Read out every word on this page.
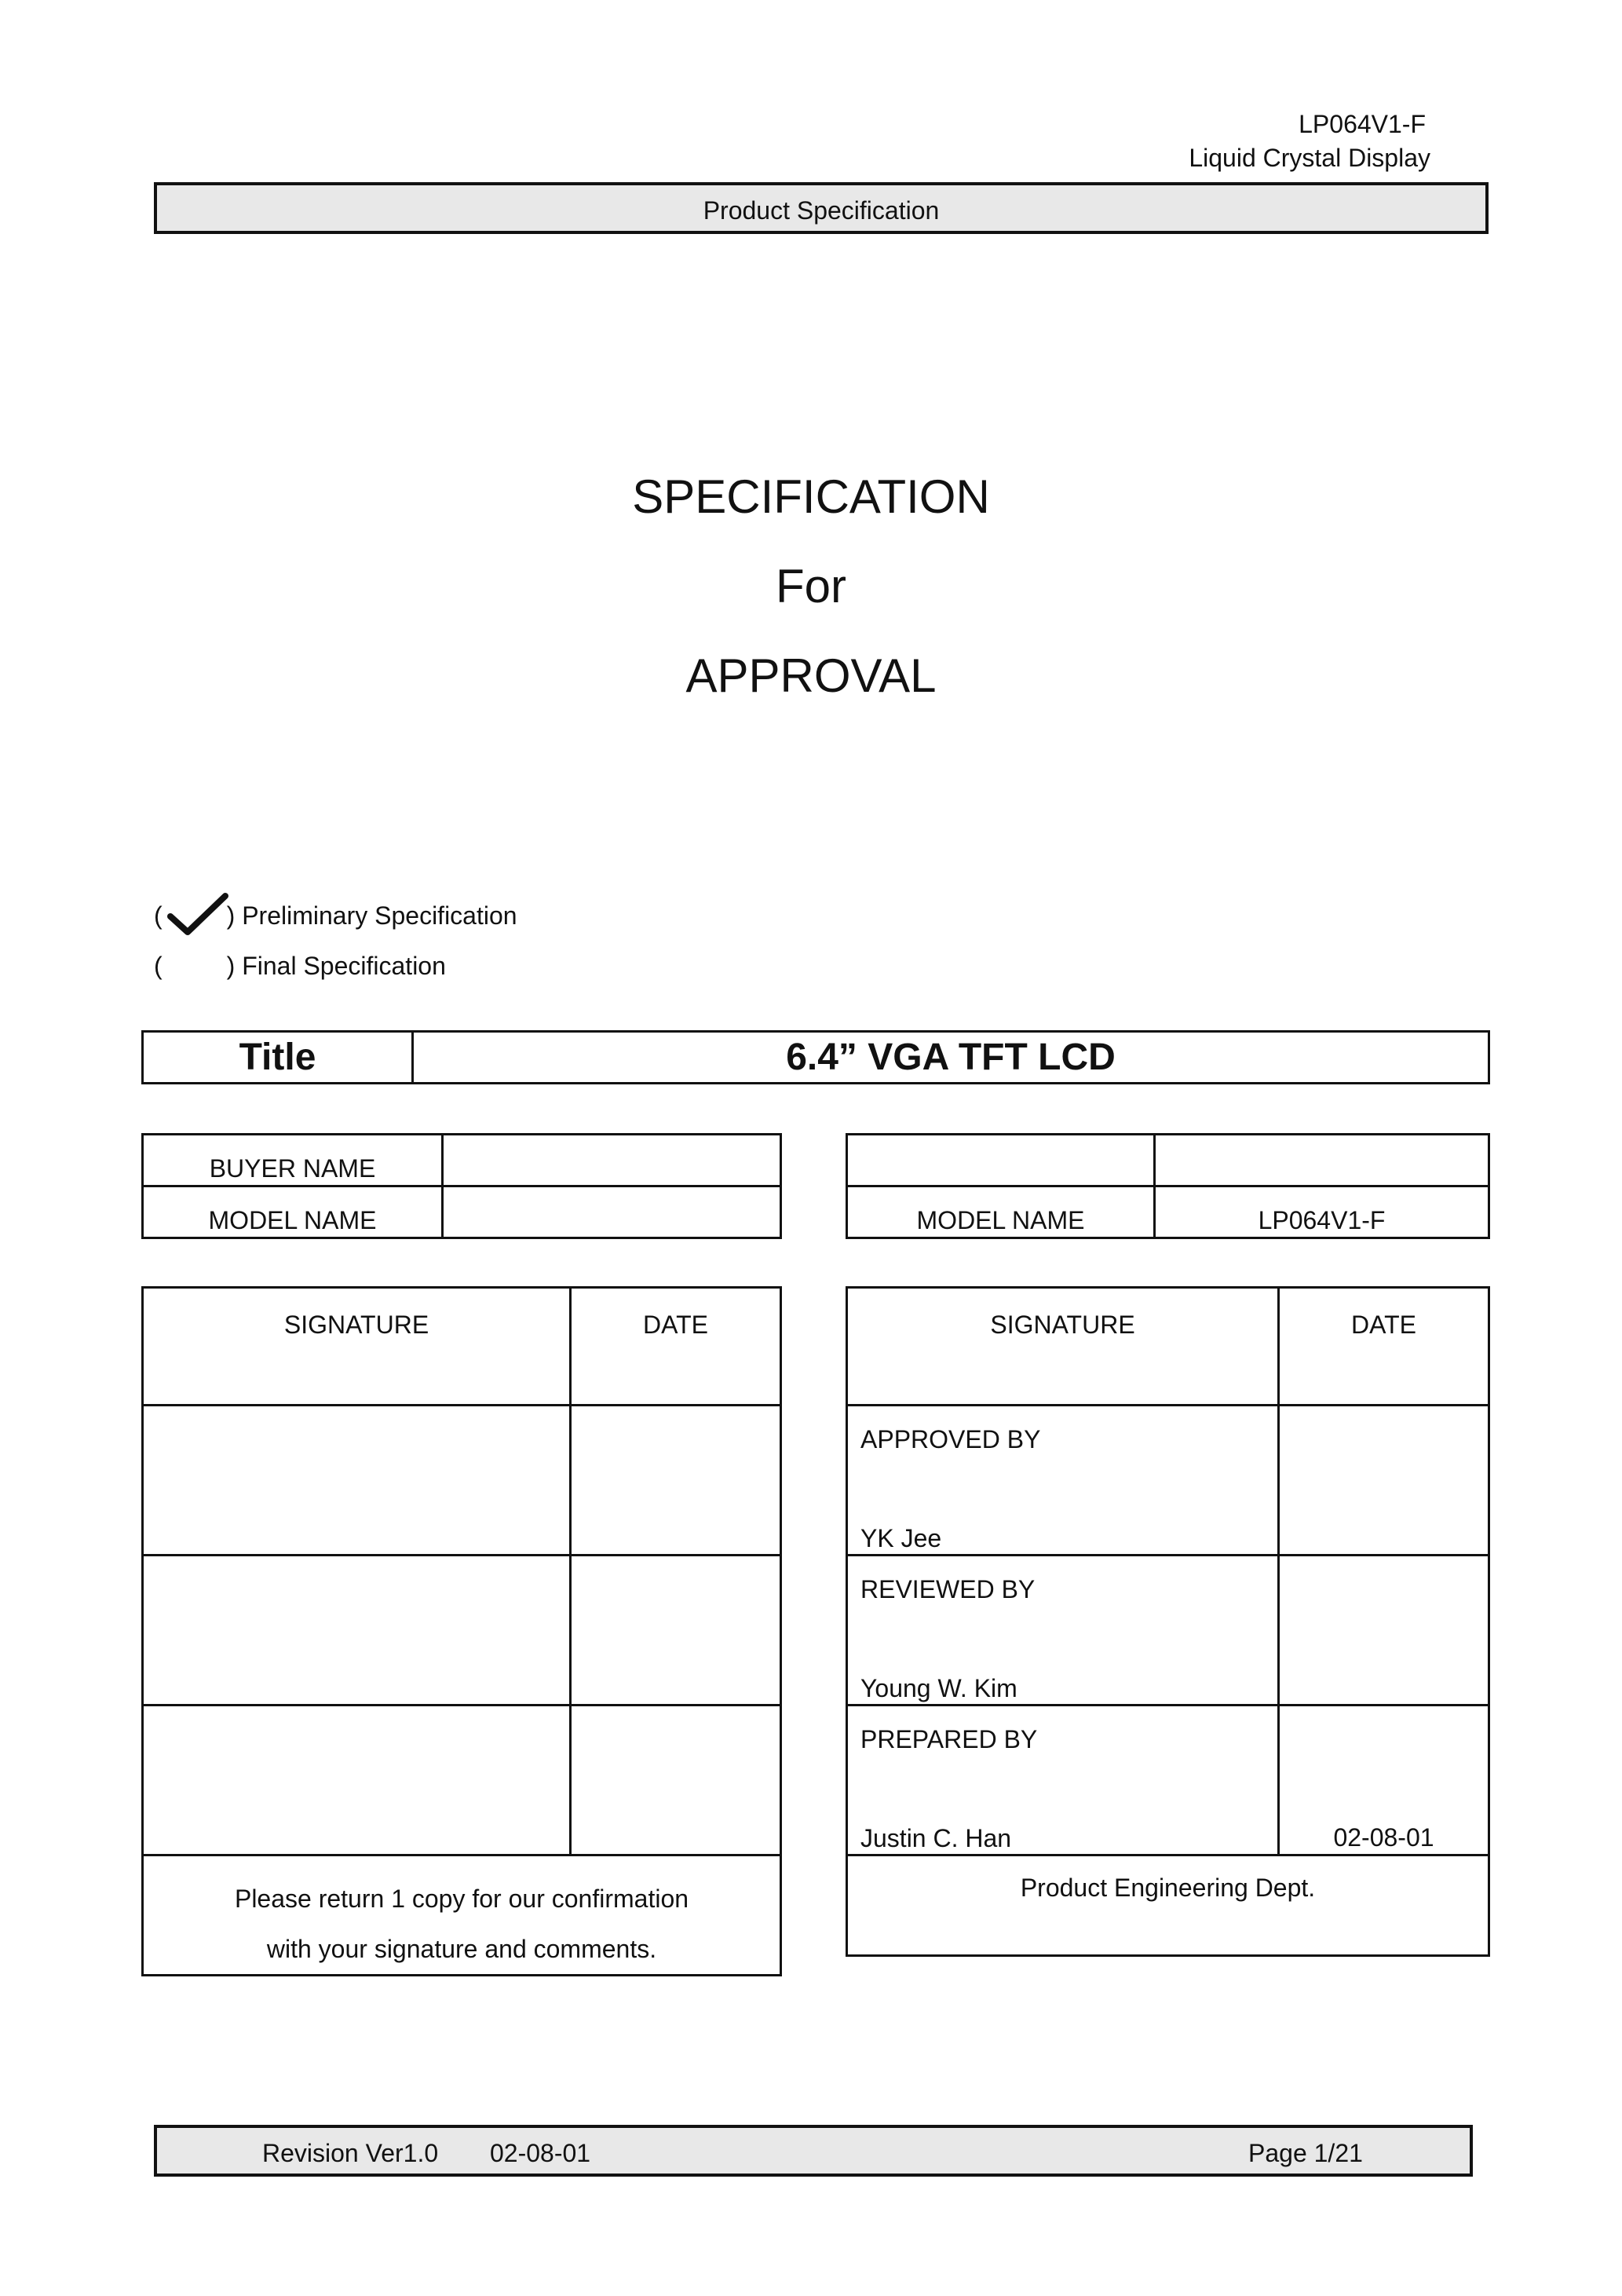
LP064V1-F
Liquid Crystal Display
Product Specification
SPECIFICATION
For
APPROVAL
(	) Preliminary Specification
(	) Final Specification
Title	6.4” VGA TFT LCD
BUYER NAME	
MODEL NAME	
		MODEL NAME	LP064V1-F
SIGNATURE	DATE

Please return 1 copy for our confirmation
with your signature and comments.	
SIGNATURE	DATE

APPROVED BY
YK Jee	

REVIEWED BY
Young W. Kim	

PREPARED BY
Justin C. Han	02-08-01
Product Engineering Dept.	
Revision Ver1.0 02-08-01	Page 1/21
